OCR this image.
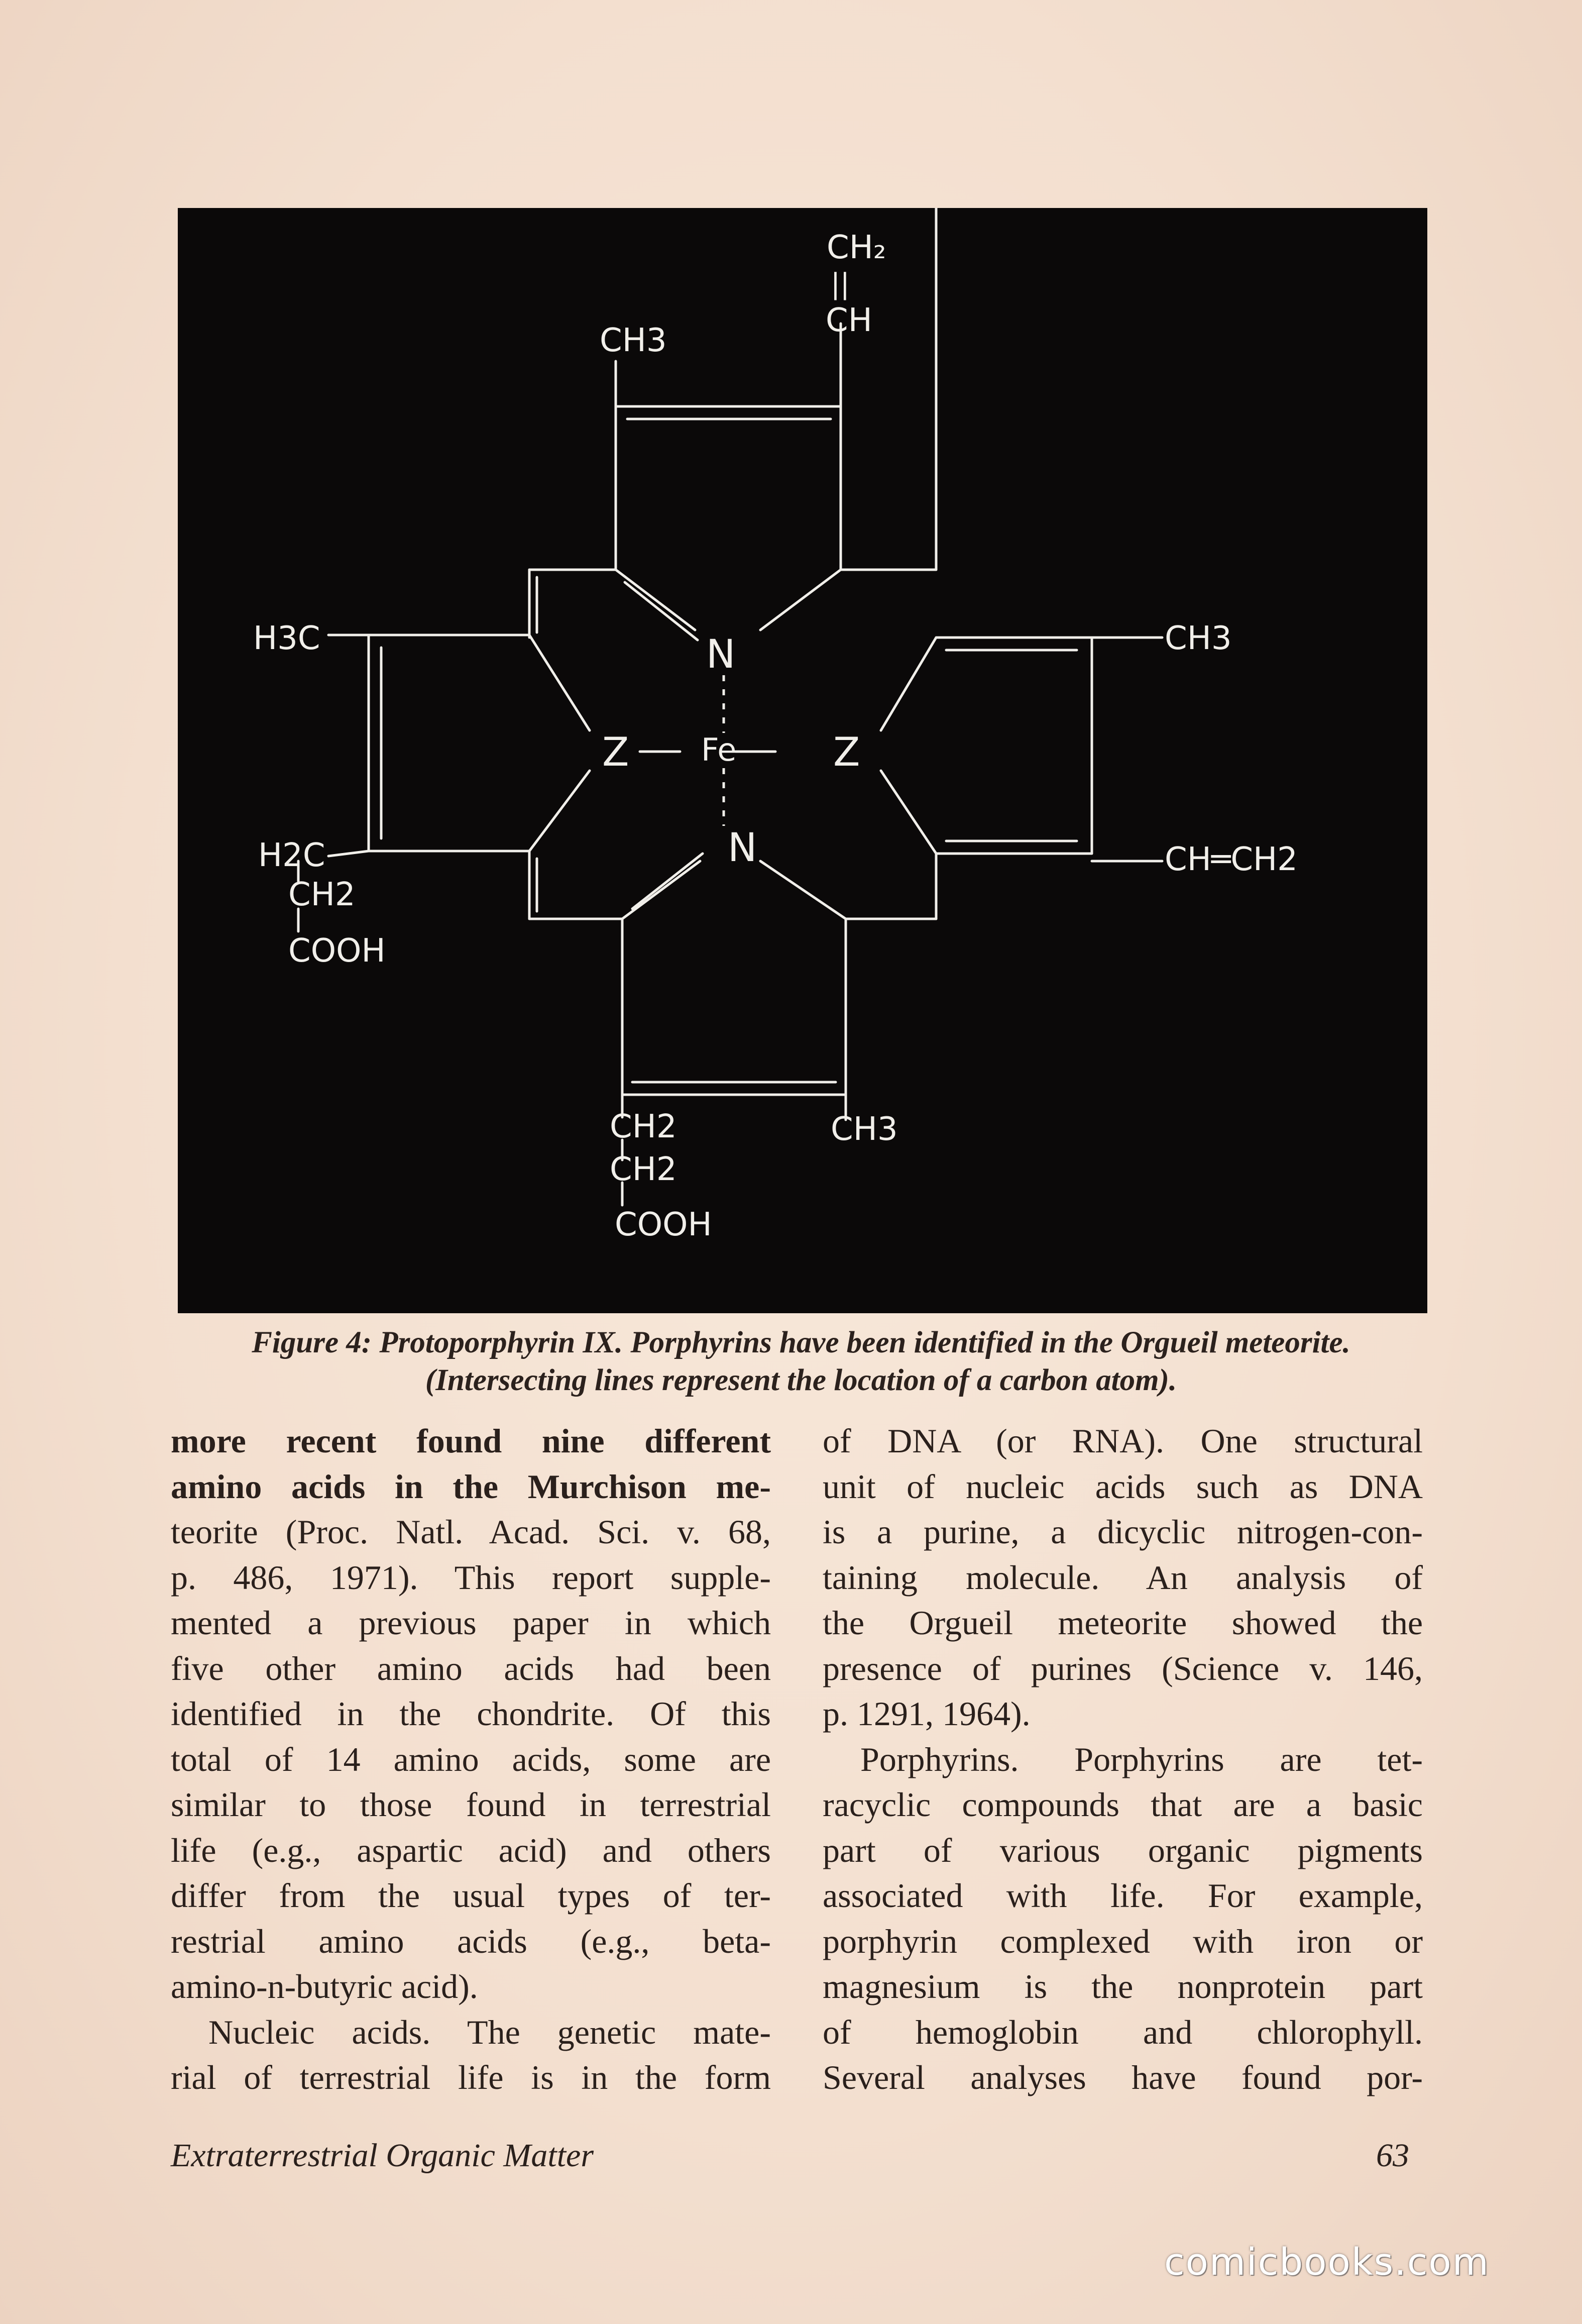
CH₂
||
CH
CH3
H3C
H2C
CH2
COOH
CH3
CH═CH2
CH2
CH2
COOH
CH3
N
N
Z	Z
Fe
Figure 4: Protoporphyrin IX. Porphyrins have been identified in the Orgueil meteorite.
(Intersecting lines represent the location of a carbon atom).

more recent found nine different

amino acids in the Murchison me-

teorite (Proc. Natl. Acad. Sci. v. 68,

p. 486, 1971). This report supple-

mented a previous paper in which

five other amino acids had been

identified in the chondrite. Of this

total of 14 amino acids, some are

similar to those found in terrestrial

life (e.g., aspartic acid) and others

differ from the usual types of ter-

restrial amino acids (e.g., beta-

amino-n-butyric acid).

Nucleic acids. The genetic mate-

rial of terrestrial life is in the form

of DNA (or RNA). One structural

unit of nucleic acids such as DNA

is a purine, a dicyclic nitrogen-con-

taining molecule. An analysis of

the Orgueil meteorite showed the

presence of purines (Science v. 146,

p. 1291, 1964).

Porphyrins. Porphyrins are tet-

racyclic compounds that are a basic

part of various organic pigments

associated with life. For example,

porphyrin complexed with iron or

magnesium is the nonprotein part

of hemoglobin and chlorophyll.

Several analyses have found por-

Extraterrestrial Organic Matter	63
comicbooks.com
